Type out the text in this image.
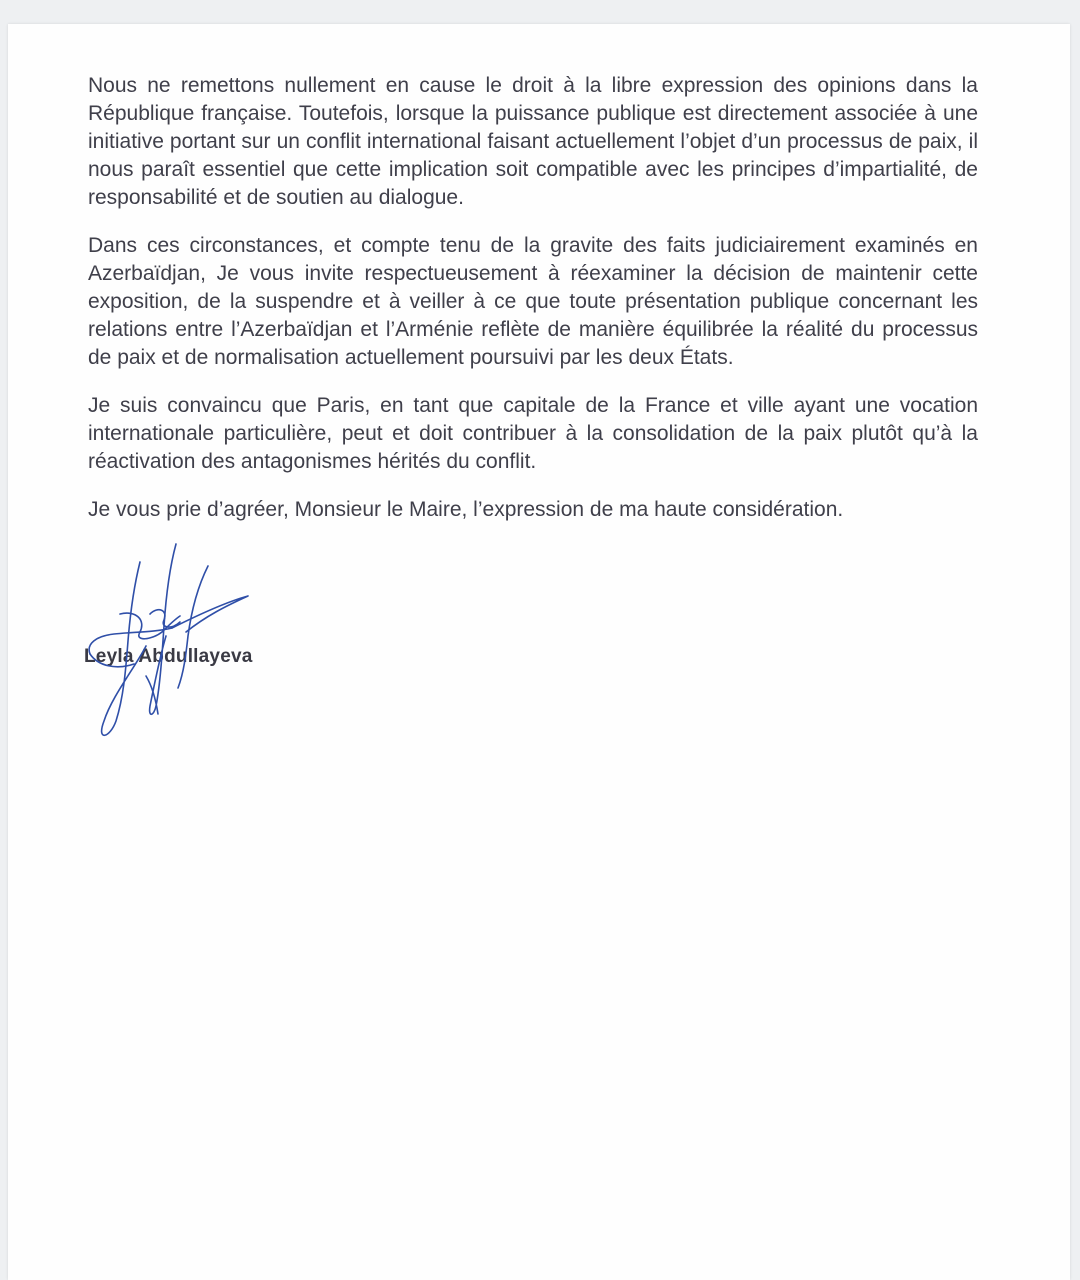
Nous ne remettons nullement en cause le droit à la libre expression des opinions dans la République française. Toutefois, lorsque la puissance publique est directement associée à une initiative portant sur un conflit international faisant actuellement l’objet d’un processus de paix, il nous paraît essentiel que cette implication soit compatible avec les principes d’impartialité, de responsabilité et de soutien au dialogue.

Dans ces circonstances, et compte tenu de la gravite des faits judiciairement examinés en Azerbaïdjan, Je vous invite respectueusement à réexaminer la décision de maintenir cette exposition, de la suspendre et à veiller à ce que toute présentation publique concernant les relations entre l’Azerbaïdjan et l’Arménie reflète de manière équilibrée la réalité du processus de paix et de normalisation actuellement poursuivi par les deux États.

Je suis convaincu que Paris, en tant que capitale de la France et ville ayant une vocation internationale particulière, peut et doit contribuer à la consolidation de la paix plutôt qu’à la réactivation des antagonismes hérités du conflit.

Je vous prie d’agréer, Monsieur le Maire, l’expression de ma haute considération.

Leyla Abdullayeva
